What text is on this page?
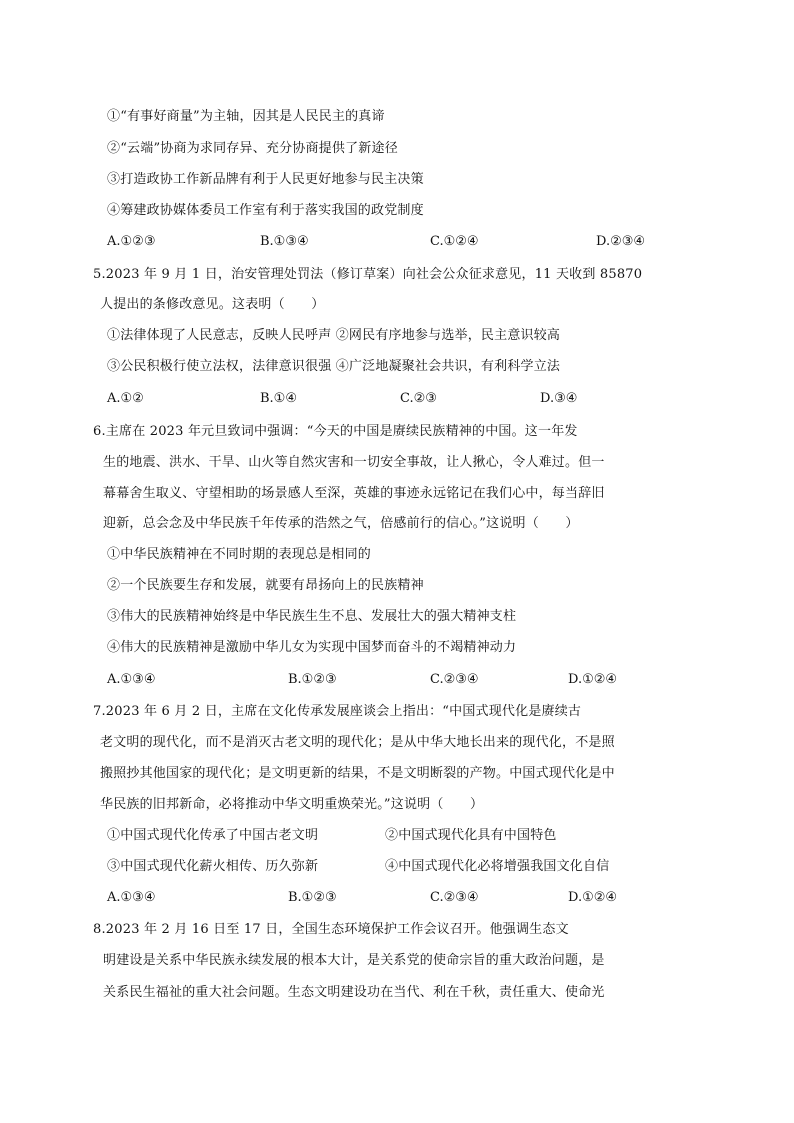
①“有事好商量”为主轴，因其是人民民主的真谛
②“云端”协商为求同存异、充分协商提供了新途径
③打造政协工作新品牌有利于人民更好地参与民主决策
④筹建政协媒体委员工作室有利于落实我国的政党制度
A.①②③	B.①③④	C.①②④	D.②③④
5.2023 年 9 月 1 日，治安管理处罚法（修订草案）向社会公众征求意见，11 天收到 85870
人提出的条修改意见。这表明（　　）
①法律体现了人民意志，反映人民呼声 ②网民有序地参与选举，民主意识较高
③公民积极行使立法权，法律意识很强 ④广泛地凝聚社会共识，有利科学立法
A.①②	B.①④	C.②③	D.③④
6.主席在 2023 年元旦致词中强调：“今天的中国是赓续民族精神的中国。这一年发
生的地震、洪水、干旱、山火等自然灾害和一切安全事故，让人揪心，令人难过。但一
幕幕舍生取义、守望相助的场景感人至深，英雄的事迹永远铭记在我们心中，每当辞旧
迎新，总会念及中华民族千年传承的浩然之气，倍感前行的信心。”这说明（　　）
①中华民族精神在不同时期的表现总是相同的
②一个民族要生存和发展，就要有昂扬向上的民族精神
③伟大的民族精神始终是中华民族生生不息、发展壮大的强大精神支柱
④伟大的民族精神是激励中华儿女为实现中国梦而奋斗的不竭精神动力
A.①③④	B.①②③	C.②③④	D.①②④
7.2023 年 6 月 2 日，主席在文化传承发展座谈会上指出：“中国式现代化是赓续古
老文明的现代化，而不是消灭古老文明的现代化；是从中华大地长出来的现代化，不是照
搬照抄其他国家的现代化；是文明更新的结果，不是文明断裂的产物。中国式现代化是中
华民族的旧邦新命，必将推动中华文明重焕荣光。”这说明（　　）
①中国式现代化传承了中国古老文明	②中国式现代化具有中国特色
③中国式现代化薪火相传、历久弥新	④中国式现代化必将增强我国文化自信
A.①③④	B.①②③	C.②③④	D.①②④
8.2023 年 2 月 16 日至 17 日，全国生态环境保护工作会议召开。他强调生态文
明建设是关系中华民族永续发展的根本大计，是关系党的使命宗旨的重大政治问题，是
关系民生福祉的重大社会问题。生态文明建设功在当代、利在千秋，责任重大、使命光
